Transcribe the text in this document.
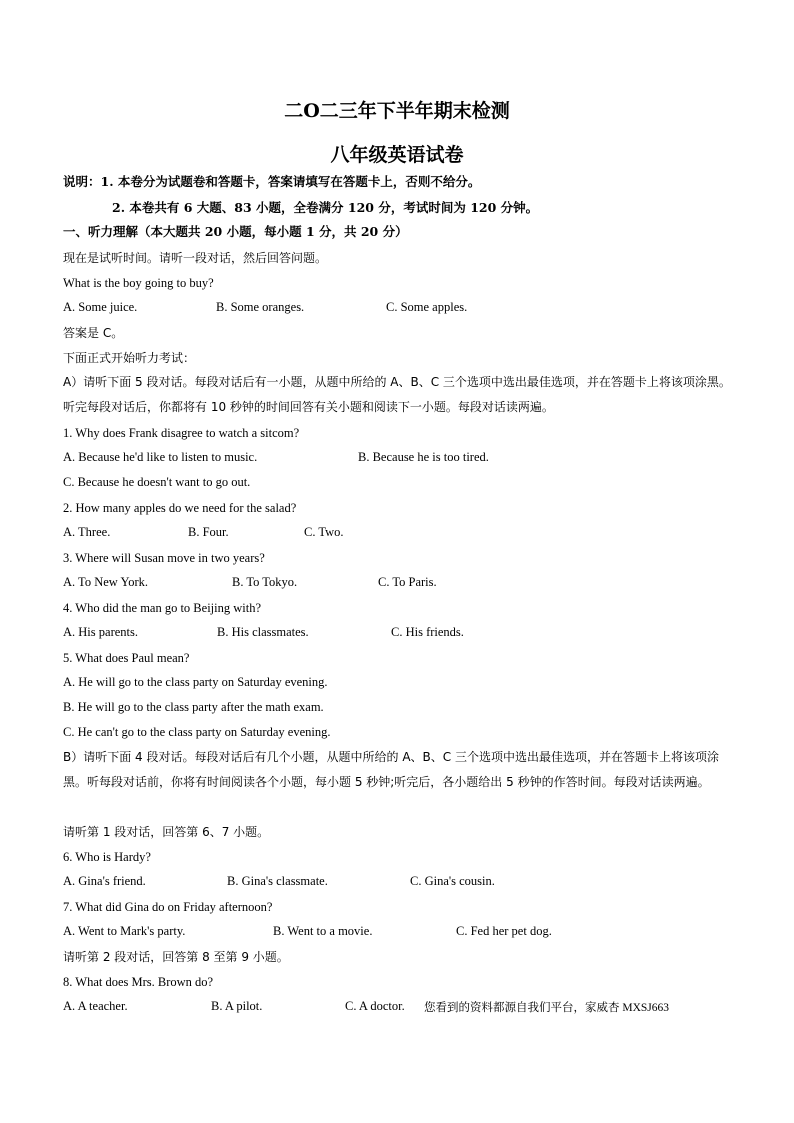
二O二三年下半年期末检测
八年级英语试卷
说明：1. 本卷分为试题卷和答题卡，答案请填写在答题卡上，否则不给分。
2. 本卷共有 6 大题、83 小题，全卷满分 120 分，考试时间为 120 分钟。
一、听力理解（本大题共 20 小题，每小题 1 分，共 20 分）
现在是试听时间。请听一段对话，然后回答问题。
What is the boy going to buy?
A. Some juice.	B. Some oranges.	C. Some apples.
答案是 C。
下面正式开始听力考试：
A）请听下面 5 段对话。每段对话后有一小题，从题中所给的 A、B、C 三个选项中选出最佳选项，并在答题卡上将该项涂黑。听完每段对话后，你都将有 10 秒钟的时间回答有关小题和阅读下一小题。每段对话读两遍。
1. Why does Frank disagree to watch a sitcom?
A. Because he'd like to listen to music.	B. Because he is too tired.
C. Because he doesn't want to go out.
2. How many apples do we need for the salad?
A. Three.	B. Four.	C. Two.
3. Where will Susan move in two years?
A. To New York.	B. To Tokyo.	C. To Paris.
4. Who did the man go to Beijing with?
A. His parents.	B. His classmates.	C. His friends.
5. What does Paul mean?
A. He will go to the class party on Saturday evening.
B. He will go to the class party after the math exam.
C. He can't go to the class party on Saturday evening.
B）请听下面 4 段对话。每段对话后有几个小题，从题中所给的 A、B、C 三个选项中选出最佳选项，并在答题卡上将该项涂黑。听每段对话前，你将有时间阅读各个小题，每小题 5 秒钟;听完后，各小题给出 5 秒钟的作答时间。每段对话读两遍。
请听第 1 段对话，回答第 6、7 小题。
6. Who is Hardy?
A. Gina's friend.	B. Gina's classmate.	C. Gina's cousin.
7. What did Gina do on Friday afternoon?
A. Went to Mark's party.	B. Went to a movie.	C. Fed her pet dog.
请听第 2 段对话，回答第 8 至第 9 小题。
8. What does Mrs. Brown do?
A. A teacher.	B. A pilot.	C. A doctor. 您看到的资料都源自我们平台，家威杏 MXSJ663
